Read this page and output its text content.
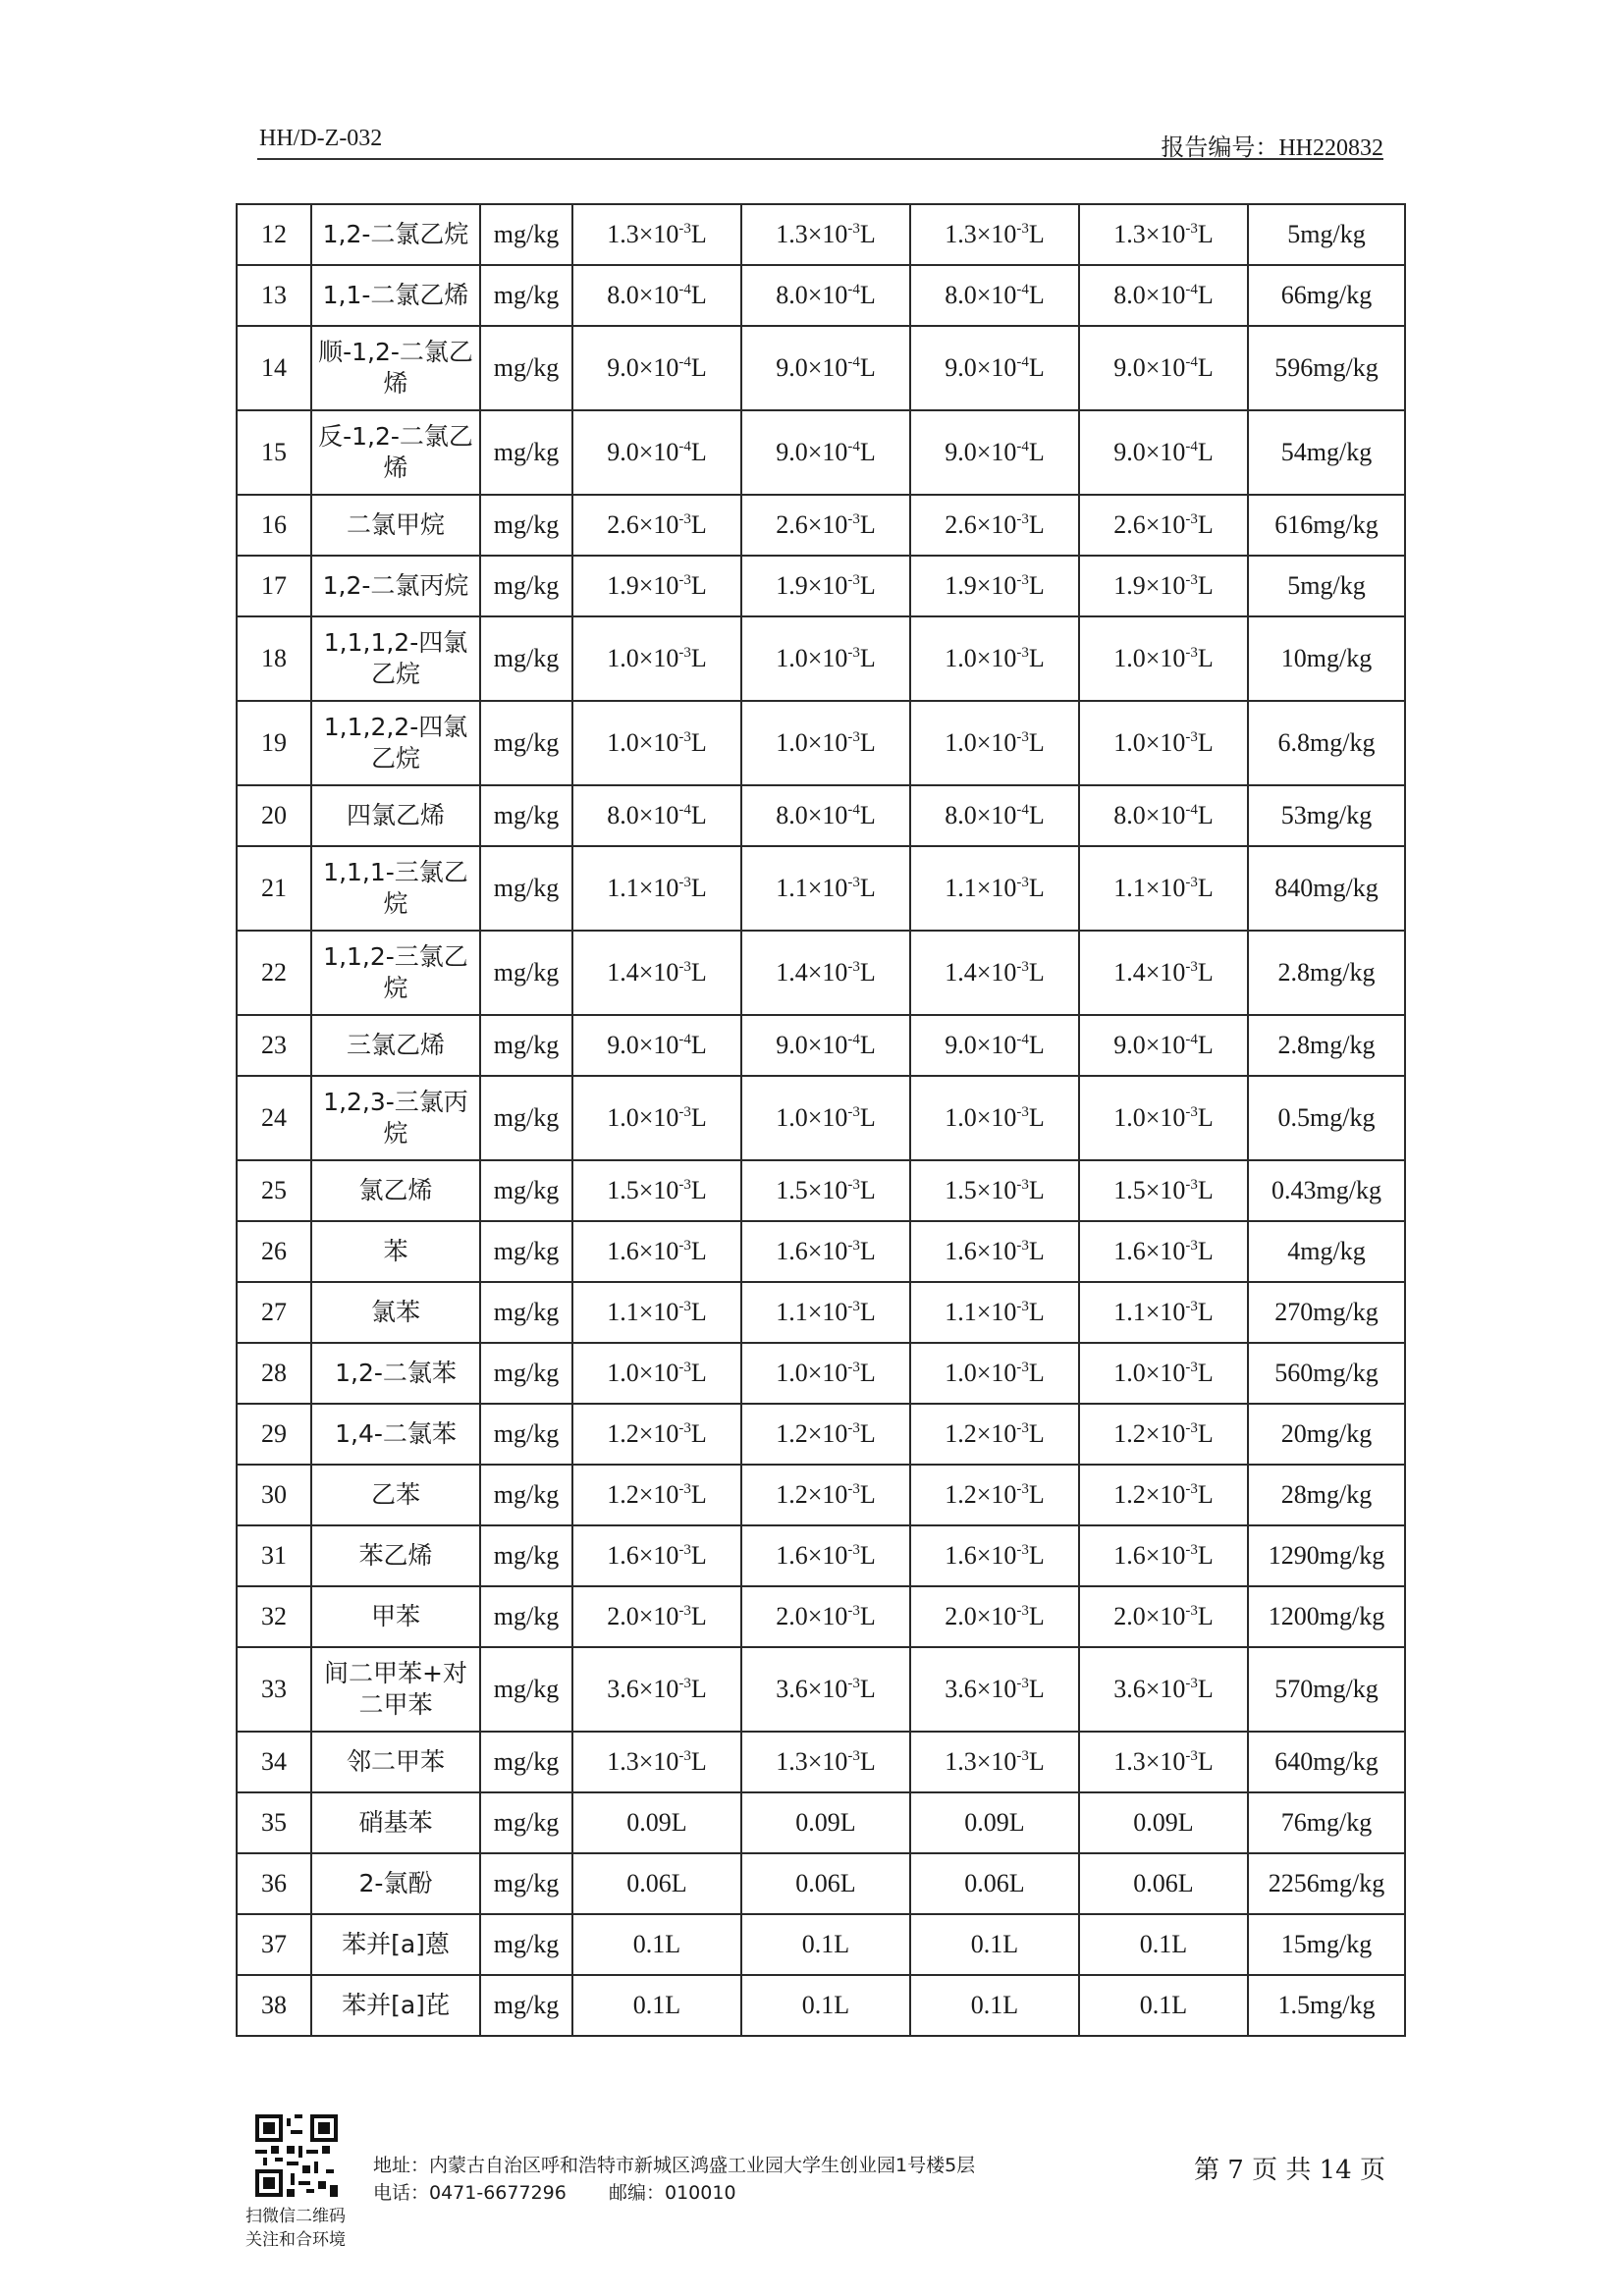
HH/D-Z-032	报告编号：HH220832
12	1,2-二氯乙烷	mg/kg	$1.3\times 10^{-3}L$	$1.3\times 10^{-3}L$	$1.3\times 10^{-3}L$	$1.3\times 10^{-3}L$	5mg/kg
13	1,1-二氯乙烯	mg/kg	$8.0\times 10^{-4}L$	$8.0\times 10^{-4}L$	$8.0\times 10^{-4}L$	$8.0\times 10^{-4}L$	66mg/kg
14	顺-1,2-二氯乙烯	mg/kg	$9.0\times 10^{-4}L$	$9.0\times 10^{-4}L$	$9.0\times 10^{-4}L$	$9.0\times 10^{-4}L$	596mg/kg
15	反-1,2-二氯乙烯	mg/kg	$9.0\times 10^{-4}L$	$9.0\times 10^{-4}L$	$9.0\times 10^{-4}L$	$9.0\times 10^{-4}L$	54mg/kg
16	二氯甲烷	mg/kg	$2.6\times 10^{-3}L$	$2.6\times 10^{-3}L$	$2.6\times 10^{-3}L$	$2.6\times 10^{-3}L$	616mg/kg
17	1,2-二氯丙烷	mg/kg	$1.9\times 10^{-3}L$	$1.9\times 10^{-3}L$	$1.9\times 10^{-3}L$	$1.9\times 10^{-3}L$	5mg/kg
18	1,1,1,2-四氯乙烷	mg/kg	$1.0\times 10^{-3}L$	$1.0\times 10^{-3}L$	$1.0\times 10^{-3}L$	$1.0\times 10^{-3}L$	10mg/kg
19	1,1,2,2-四氯乙烷	mg/kg	$1.0\times 10^{-3}L$	$1.0\times 10^{-3}L$	$1.0\times 10^{-3}L$	$1.0\times 10^{-3}L$	6.8mg/kg
20	四氯乙烯	mg/kg	$8.0\times 10^{-4}L$	$8.0\times 10^{-4}L$	$8.0\times 10^{-4}L$	$8.0\times 10^{-4}L$	53mg/kg
21	1,1,1-三氯乙烷	mg/kg	$1.1\times 10^{-3}L$	$1.1\times 10^{-3}L$	$1.1\times 10^{-3}L$	$1.1\times 10^{-3}L$	840mg/kg
22	1,1,2-三氯乙烷	mg/kg	$1.4\times 10^{-3}L$	$1.4\times 10^{-3}L$	$1.4\times 10^{-3}L$	$1.4\times 10^{-3}L$	2.8mg/kg
23	三氯乙烯	mg/kg	$9.0\times 10^{-4}L$	$9.0\times 10^{-4}L$	$9.0\times 10^{-4}L$	$9.0\times 10^{-4}L$	2.8mg/kg
24	1,2,3-三氯丙烷	mg/kg	$1.0\times 10^{-3}L$	$1.0\times 10^{-3}L$	$1.0\times 10^{-3}L$	$1.0\times 10^{-3}L$	0.5mg/kg
25	氯乙烯	mg/kg	$1.5\times 10^{-3}L$	$1.5\times 10^{-3}L$	$1.5\times 10^{-3}L$	$1.5\times 10^{-3}L$	0.43mg/kg
26	苯	mg/kg	$1.6\times 10^{-3}L$	$1.6\times 10^{-3}L$	$1.6\times 10^{-3}L$	$1.6\times 10^{-3}L$	4mg/kg
27	氯苯	mg/kg	$1.1\times 10^{-3}L$	$1.1\times 10^{-3}L$	$1.1\times 10^{-3}L$	$1.1\times 10^{-3}L$	270mg/kg
28	1,2-二氯苯	mg/kg	$1.0\times 10^{-3}L$	$1.0\times 10^{-3}L$	$1.0\times 10^{-3}L$	$1.0\times 10^{-3}L$	560mg/kg
29	1,4-二氯苯	mg/kg	$1.2\times 10^{-3}L$	$1.2\times 10^{-3}L$	$1.2\times 10^{-3}L$	$1.2\times 10^{-3}L$	20mg/kg
30	乙苯	mg/kg	$1.2\times 10^{-3}L$	$1.2\times 10^{-3}L$	$1.2\times 10^{-3}L$	$1.2\times 10^{-3}L$	28mg/kg
31	苯乙烯	mg/kg	$1.6\times 10^{-3}L$	$1.6\times 10^{-3}L$	$1.6\times 10^{-3}L$	$1.6\times 10^{-3}L$	1290mg/kg
32	甲苯	mg/kg	$2.0\times 10^{-3}L$	$2.0\times 10^{-3}L$	$2.0\times 10^{-3}L$	$2.0\times 10^{-3}L$	1200mg/kg
33	间二甲苯+对二甲苯	mg/kg	$3.6\times 10^{-3}L$	$3.6\times 10^{-3}L$	$3.6\times 10^{-3}L$	$3.6\times 10^{-3}L$	570mg/kg
34	邻二甲苯	mg/kg	$1.3\times 10^{-3}L$	$1.3\times 10^{-3}L$	$1.3\times 10^{-3}L$	$1.3\times 10^{-3}L$	640mg/kg
35	硝基苯	mg/kg	0.09L	0.09L	0.09L	0.09L	76mg/kg
36	2-氯酚	mg/kg	0.06L	0.06L	0.06L	0.06L	2256mg/kg
37	苯并[a]蒽	mg/kg	0.1L	0.1L	0.1L	0.1L	15mg/kg
38	苯并[a]芘	mg/kg	0.1L	0.1L	0.1L	0.1L	1.5mg/kg
扫微信二维码
关注和合环境
地址：内蒙古自治区呼和浩特市新城区鸿盛工业园大学生创业园1号楼5层
电话：0471-6677296 邮编：010010
第 7 页 共 14 页
